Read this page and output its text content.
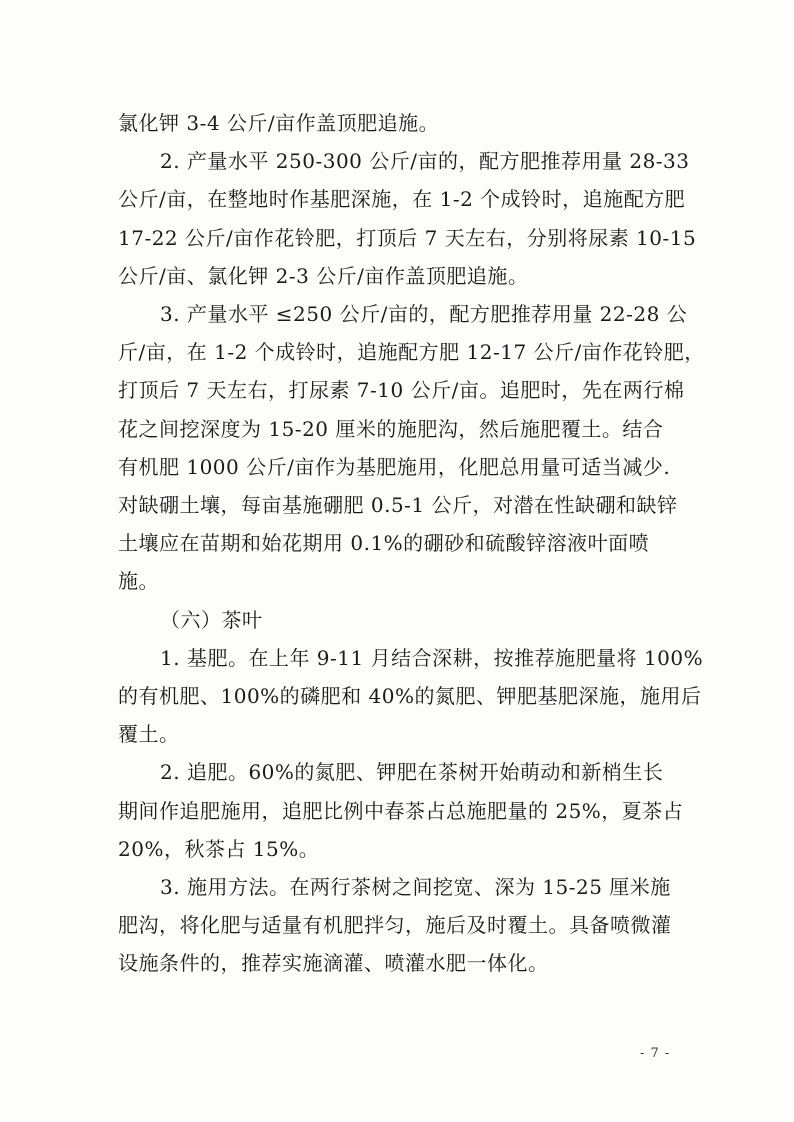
氯化钾 3-4 公斤/亩作盖顶肥追施。

2. 产量水平 250-300 公斤/亩的，配方肥推荐用量 28-33
公斤/亩，在整地时作基肥深施，在 1-2 个成铃时，追施配方肥
17-22 公斤/亩作花铃肥，打顶后 7 天左右，分别将尿素 10-15
公斤/亩、氯化钾 2-3 公斤/亩作盖顶肥追施。

3. 产量水平 ≤250 公斤/亩的，配方肥推荐用量 22-28 公
斤/亩，在 1-2 个成铃时，追施配方肥 12-17 公斤/亩作花铃肥，
打顶后 7 天左右，打尿素 7-10 公斤/亩。追肥时，先在两行棉
花之间挖深度为 15-20 厘米的施肥沟，然后施肥覆土。结合
有机肥 1000 公斤/亩作为基肥施用，化肥总用量可适当减少.
对缺硼土壤，每亩基施硼肥 0.5-1 公斤，对潜在性缺硼和缺锌
土壤应在苗期和始花期用 0.1%的硼砂和硫酸锌溶液叶面喷
施。

（六）茶叶

1. 基肥。在上年 9-11 月结合深耕，按推荐施肥量将 100%
的有机肥、100%的磷肥和 40%的氮肥、钾肥基肥深施，施用后
覆土。

2. 追肥。60%的氮肥、钾肥在茶树开始萌动和新梢生长
期间作追肥施用，追肥比例中春茶占总施肥量的 25%，夏茶占
20%，秋茶占 15%。

3. 施用方法。在两行茶树之间挖宽、深为 15-25 厘米施
肥沟，将化肥与适量有机肥拌匀，施后及时覆土。具备喷微灌
设施条件的，推荐实施滴灌、喷灌水肥一体化。

- 7 -
